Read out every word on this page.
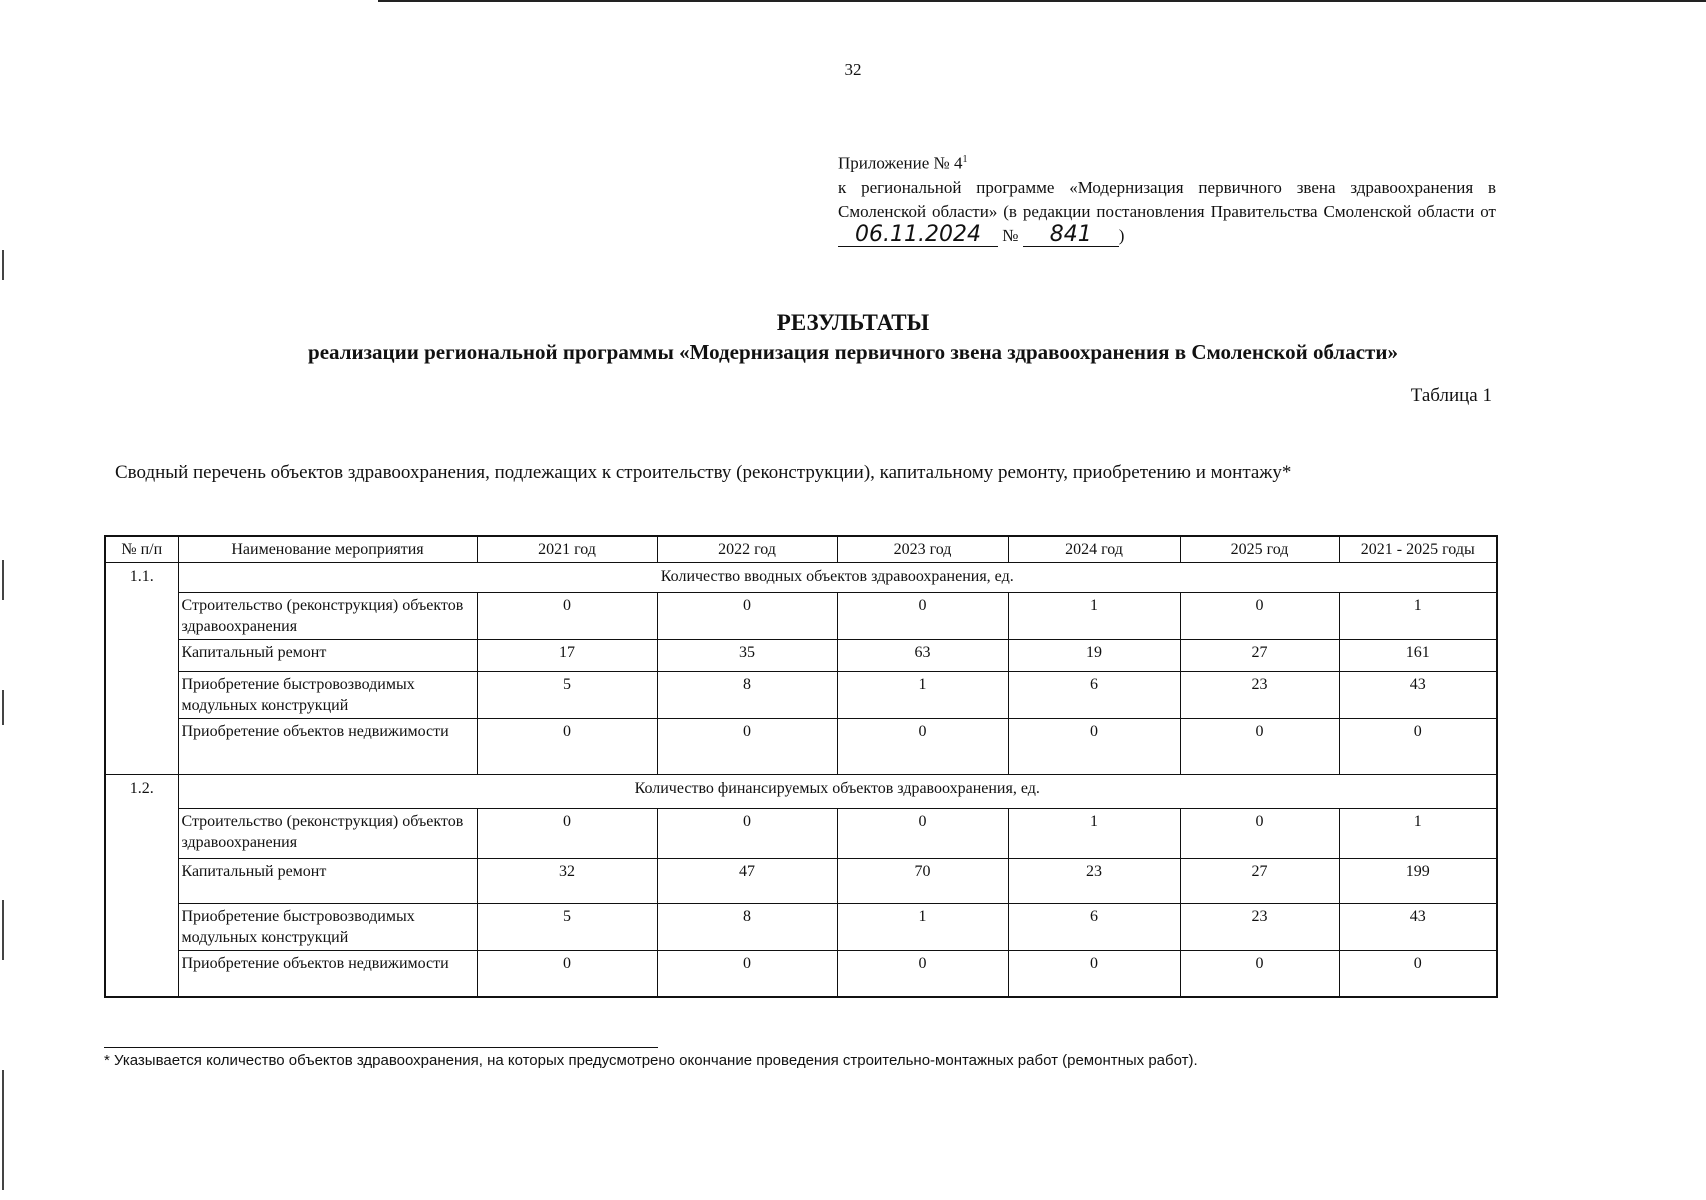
32

Приложение № $4^1$

к региональной программе «Модернизация первичного звена здравоохранения в Смоленской области» (в редакции постановления Правительства Смоленской области от 06.11.2024 № 841 )

РЕЗУЛЬТАТЫ
реализации региональной программы «Модернизация первичного звена здравоохранения в Смоленской области»
Таблица 1
Сводный перечень объектов здравоохранения, подлежащих к строительству (реконструкции), капитальному ремонту, приобретению и монтажу*
№ п/п	Наименование мероприятия	2021 год	2022 год	2023 год	2024 год	2025 год	2021 - 2025 годы
1.1.	Количество вводных объектов здравоохранения, ед.						
	Строительство (реконструкция) объектов здравоохранения	0	0	0	1	0	1
	Капитальный ремонт	17	35	63	19	27	161
	Приобретение быстровозводимых модульных конструкций	5	8	1	6	23	43
	Приобретение объектов недвижимости	0	0	0	0	0	0
1.2.	Количество финансируемых объектов здравоохранения, ед.						
	Строительство (реконструкция) объектов здравоохранения	0	0	0	1	0	1
	Капитальный ремонт	32	47	70	23	27	199
	Приобретение быстровозводимых модульных конструкций	5	8	1	6	23	43
	Приобретение объектов недвижимости	0	0	0	0	0	0
* Указывается количество объектов здравоохранения, на которых предусмотрено окончание проведения строительно-монтажных работ (ремонтных работ).
